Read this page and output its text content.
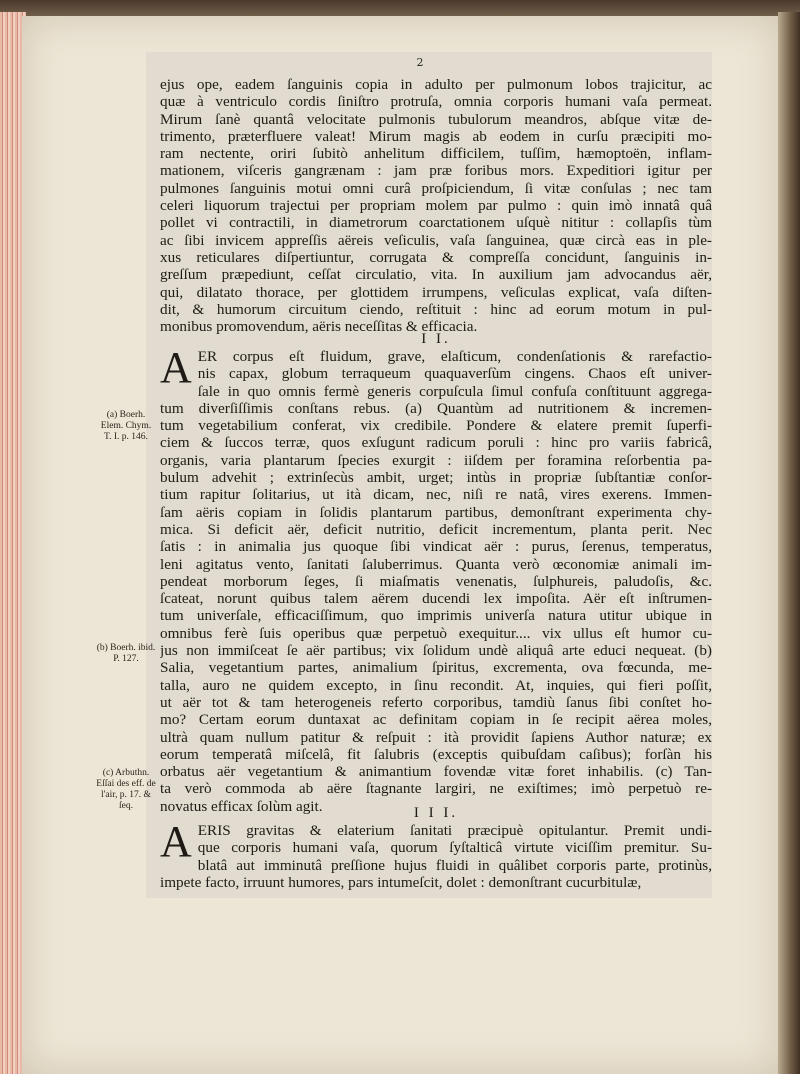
2
ejus ope, eadem ſanguinis copia in adulto per pulmonum lobos trajicitur, ac
quæ à ventriculo cordis ſiniſtro protruſa, omnia corporis humani vaſa permeat.
Mirum ſanè quantâ velocitate pulmonis tubulorum meandros, abſque vitæ de-
trimento, præterfluere valeat! Mirum magis ab eodem in curſu præcipiti mo-
ram nectente, oriri ſubitò anhelitum difficilem, tuſſim, hæmoptoën, inflam-
mationem, viſceris gangrænam : jam præ foribus mors. Expeditiori igitur per
pulmones ſanguinis motui omni curâ proſpiciendum, ſi vitæ conſulas ; nec tam
celeri liquorum trajectui per propriam molem par pulmo : quin imò innatâ quâ
pollet vi contractili, in diametrorum coarctationem uſquè nititur : collapſis tùm
ac ſibi invicem appreſſis aëreis veſiculis, vaſa ſanguinea, quæ circà eas in ple-
xus reticulares diſpertiuntur, corrugata & compreſſa concidunt, ſanguinis in-
greſſum præpediunt, ceſſat circulatio, vita. In auxilium jam advocandus aër,
qui, dilatato thorace, per glottidem irrumpens, veſiculas explicat, vaſa diſten-
dit, & humorum circuitum ciendo, reſtituit : hinc ad eorum motum in pul-
monibus promovendum, aëris neceſſitas & efficacia.
I I.
A ER corpus eſt fluidum, grave, elaſticum, condenſationis & rarefactio-
nis capax, globum terraqueum quaquaverſùm cingens. Chaos eſt univer-
ſale in quo omnis fermè generis corpuſcula ſimul confuſa conſtituunt aggrega-
tum diverſiſſimis conſtans rebus. (a) Quantùm ad nutritionem & incremen-
tum vegetabilium conferat, vix credibile. Pondere & elatere premit ſuperfi-
ciem & ſuccos terræ, quos exſugunt radicum poruli : hinc pro variis fabricâ,
organis, varia plantarum ſpecies exurgit : iiſdem per foramina reſorbentia pa-
bulum advehit ; extrinſecùs ambit, urget; intùs in propriæ ſubſtantiæ conſor-
tium rapitur ſolitarius, ut ità dicam, nec, niſi re natâ, vires exerens. Immen-
ſam aëris copiam in ſolidis plantarum partibus, demonſtrant experimenta chy-
mica. Si deficit aër, deficit nutritio, deficit incrementum, planta perit. Nec
ſatis : in animalia jus quoque ſibi vindicat aër : purus, ſerenus, temperatus,
leni agitatus vento, ſanitati ſaluberrimus. Quanta verò œconomiæ animali im-
pendeat morborum ſeges, ſi miaſmatis venenatis, ſulphureis, paludoſis, &c.
ſcateat, norunt quibus talem aërem ducendi lex impoſita. Aër eſt inſtrumen-
tum univerſale, efficaciſſimum, quo imprimis univerſa natura utitur ubique in
omnibus ferè ſuis operibus quæ perpetuò exequitur.... vix ullus eſt humor cu-
jus non immiſceat ſe aër partibus; vix ſolidum undè aliquâ arte educi nequeat. (b)
Salia, vegetantium partes, animalium ſpiritus, excrementa, ova fœcunda, me-
talla, auro ne quidem excepto, in ſinu recondit. At, inquies, qui fieri poſſit,
ut aër tot & tam heterogeneis referto corporibus, tamdiù ſanus ſibi conſtet ho-
mo? Certam eorum duntaxat ac definitam copiam in ſe recipit aërea moles,
ultrà quam nullum patitur & reſpuit : ità providit ſapiens Author naturæ; ex
eorum temperatâ miſcelâ, fit ſalubris (exceptis quibuſdam caſibus); forſàn his
orbatus aër vegetantium & animantium fovendæ vitæ foret inhabilis. (c) Tan-
ta verò commoda ab aëre ſtagnante largiri, ne exiſtimes; imò perpetuò re-
novatus efficax ſolùm agit.	I I I.
A ERIS gravitas & elaterium ſanitati præcipuè opitulantur. Premit undi-
que corporis humani vaſa, quorum ſyſtalticâ virtute viciſſim premitur. Su-
blatâ aut imminutâ preſſione hujus fluidi in quâlibet corporis parte, protinùs,
impete facto, irruunt humores, pars intumeſcit, dolet : demonſtrant cucurbitulæ,
(a) Boerh. Elem. Chym. T. I. p. 146.
(b) Boerh. ibid. P. 127.
(c) Arbuthn. Eſſai des eff. de l'air, p. 17. & ſeq.
